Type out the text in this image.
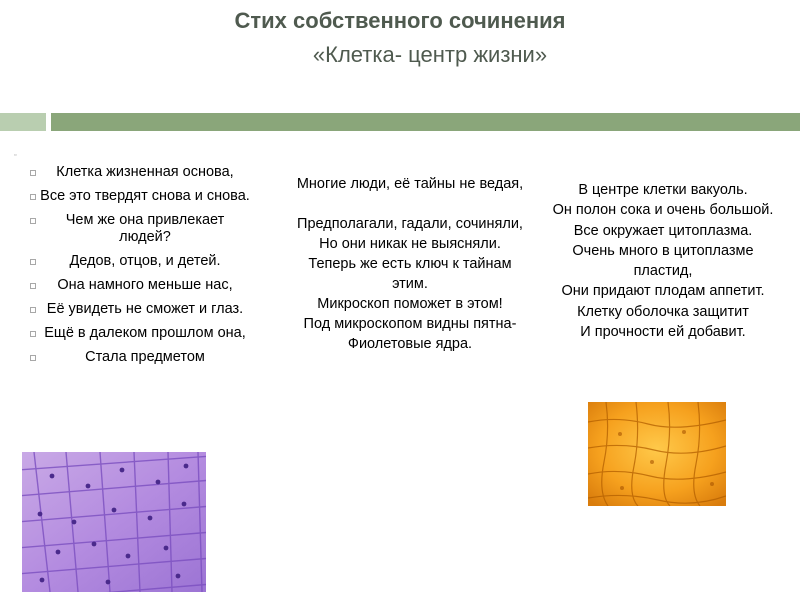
Стих собственного сочинения
«Клетка- центр жизни»
▫
Клетка жизненная основа,
Все это твердят снова и снова.
Чем же она привлекает людей?
Дедов, отцов, и детей.
Она намного меньше нас,
Её увидеть не сможет и глаз.
Ещё в далеком прошлом она,
Стала предметом
Многие люди, её тайны не ведая,
Предполагали, гадали, сочиняли,
Но они никак не выясняли.
Теперь же есть ключ к тайнам этим.
Микроскоп поможет в этом!
Под микроскопом видны пятна-
Фиолетовые ядра.
В центре клетки вакуоль.
Он полон сока и очень большой.
Все окружает цитоплазма.
Очень много в цитоплазме пластид,
Они придают плодам аппетит.
Клетку оболочка защитит
И прочности ей добавит.
